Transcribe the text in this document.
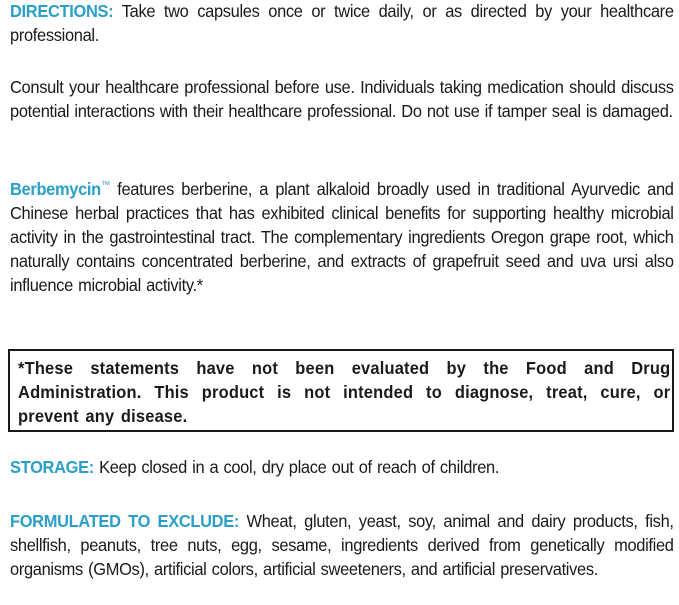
DIRECTIONS: Take two capsules once or twice daily, or as directed by your healthcare professional.

Consult your healthcare professional before use. Individuals taking medication should discuss potential interactions with their healthcare professional. Do not use if tamper seal is damaged.

Berbemycin™ features berberine, a plant alkaloid broadly used in traditional Ayurvedic and Chinese herbal practices that has exhibited clinical benefits for supporting healthy microbial activity in the gastrointestinal tract. The complementary ingredients Oregon grape root, which naturally contains concentrated berberine, and extracts of grapefruit seed and uva ursi also influence microbial activity.*

*These statements have not been evaluated by the Food and Drug Administration. This product is not intended to diagnose, treat, cure, or prevent any disease.

STORAGE: Keep closed in a cool, dry place out of reach of children.

FORMULATED TO EXCLUDE: Wheat, gluten, yeast, soy, animal and dairy products, fish, shellfish, peanuts, tree nuts, egg, sesame, ingredients derived from genetically modified organisms (GMOs), artificial colors, artificial sweeteners, and artificial preservatives.
